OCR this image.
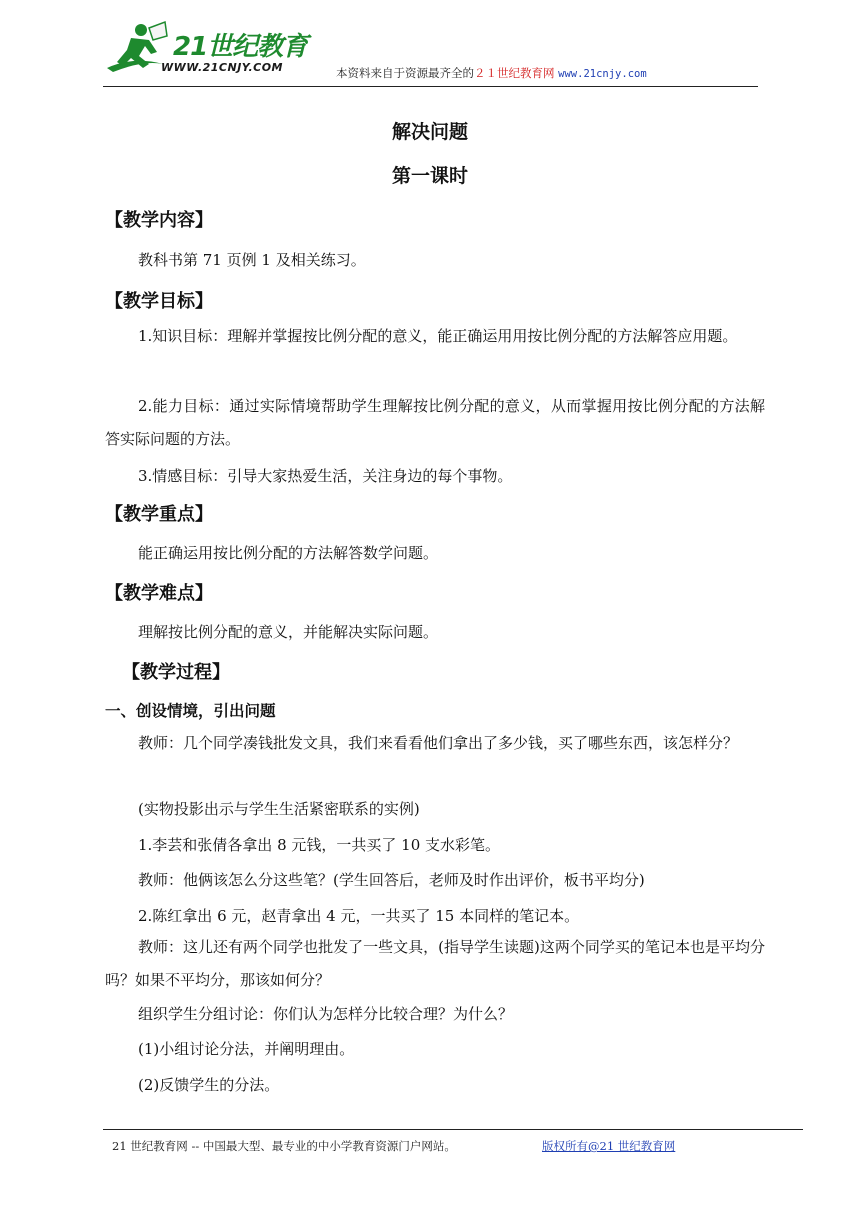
21世纪教育
WWW.21CNJY.COM	本资料来自于资源最齐全的２１世纪教育网 www.21cnjy.com
解决问题
第一课时
【教学内容】
教科书第 71 页例 1 及相关练习。
【教学目标】
1.知识目标：理解并掌握按比例分配的意义，能正确运用用按比例分配的方法解答应用题。
2.能力目标：通过实际情境帮助学生理解按比例分配的意义，从而掌握用按比例分配的方法解答实际问题的方法。
3.情感目标：引导大家热爱生活，关注身边的每个事物。
【教学重点】
能正确运用按比例分配的方法解答数学问题。
【教学难点】
理解按比例分配的意义，并能解决实际问题。
【教学过程】
一、创设情境，引出问题
教师：几个同学凑钱批发文具，我们来看看他们拿出了多少钱，买了哪些东西，该怎样分？
(实物投影出示与学生生活紧密联系的实例)
1.李芸和张倩各拿出 8 元钱，一共买了 10 支水彩笔。
教师：他俩该怎么分这些笔？(学生回答后，老师及时作出评价，板书平均分)
2.陈红拿出 6 元，赵青拿出 4 元，一共买了 15 本同样的笔记本。
教师：这儿还有两个同学也批发了一些文具，(指导学生读题)这两个同学买的笔记本也是平均分吗？如果不平均分，那该如何分？
组织学生分组讨论：你们认为怎样分比较合理？为什么？
(1)小组讨论分法，并阐明理由。
(2)反馈学生的分法。
21 世纪教育网 -- 中国最大型、最专业的中小学教育资源门户网站。	版权所有@21 世纪教育网
